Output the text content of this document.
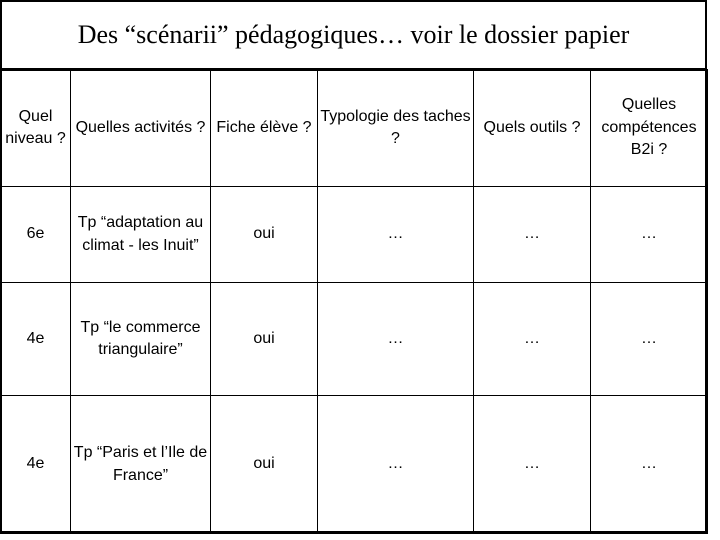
Des “scénarii” pédagogiques… voir le dossier papier
Quel niveau ?	Quelles activités ?	Fiche élève ?	Typologie des taches ?	Quels outils ?	Quelles compétences B2i ?
6e	Tp “adaptation au climat - les Inuit”	oui	…	…	…
4e	Tp “le commerce triangulaire”	oui	…	…	…
4e	Tp “Paris et l’Ile de France”	oui	…	…	…
